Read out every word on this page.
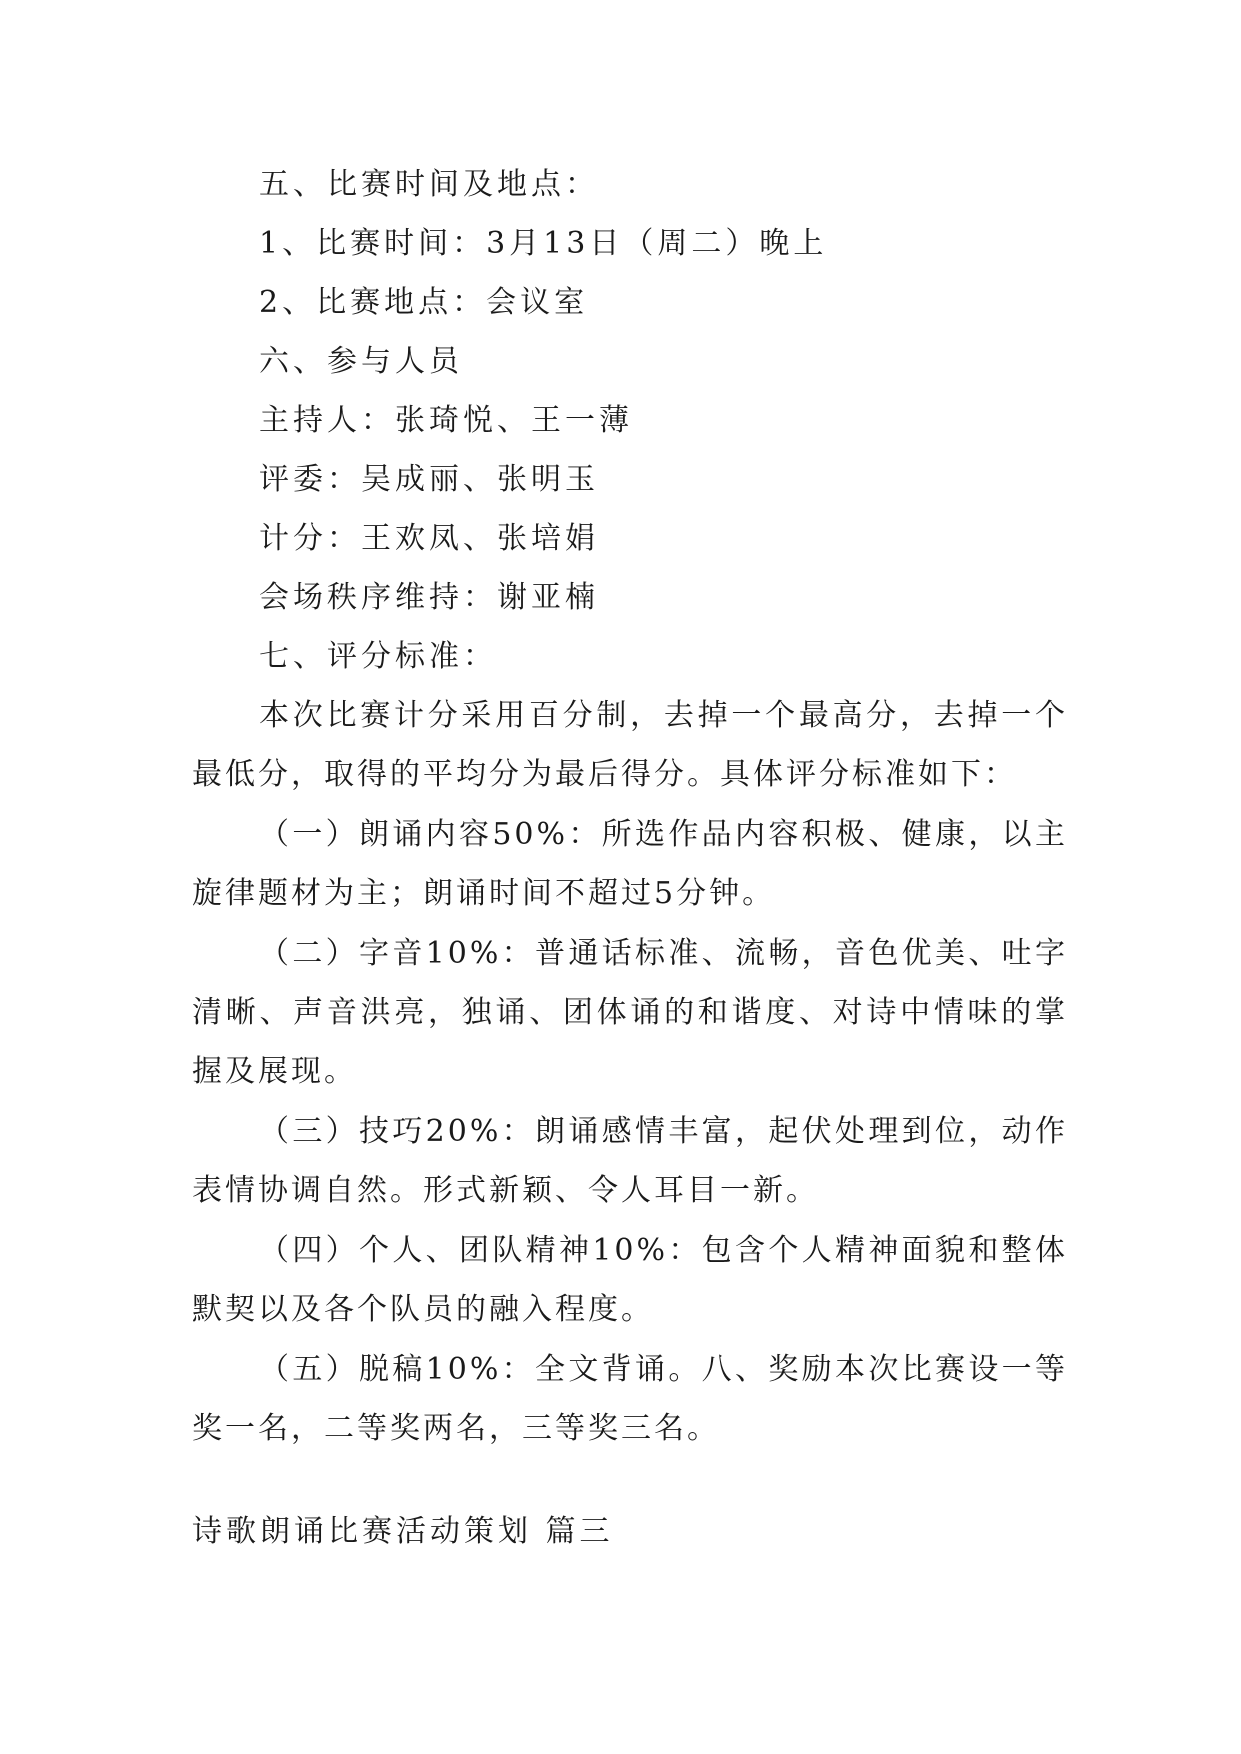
五、比赛时间及地点：
1、比赛时间：3月13日（周二）晚上
2、比赛地点：会议室
六、参与人员
主持人：张琦悦、王一薄
评委：吴成丽、张明玉
计分：王欢凤、张培娟
会场秩序维持：谢亚楠
七、评分标准：
本次比赛计分采用百分制，去掉一个最高分，去掉一个最低分，取得的平均分为最后得分。具体评分标准如下：
（一）朗诵内容50%：所选作品内容积极、健康，以主旋律题材为主；朗诵时间不超过5分钟。
（二）字音10%：普通话标准、流畅，音色优美、吐字清晰、声音洪亮，独诵、团体诵的和谐度、对诗中情味的掌握及展现。
（三）技巧20%：朗诵感情丰富，起伏处理到位，动作表情协调自然。形式新颖、令人耳目一新。
（四）个人、团队精神10%：包含个人精神面貌和整体默契以及各个队员的融入程度。
（五）脱稿10%：全文背诵。八、奖励本次比赛设一等奖一名，二等奖两名，三等奖三名。
诗歌朗诵比赛活动策划 篇三
